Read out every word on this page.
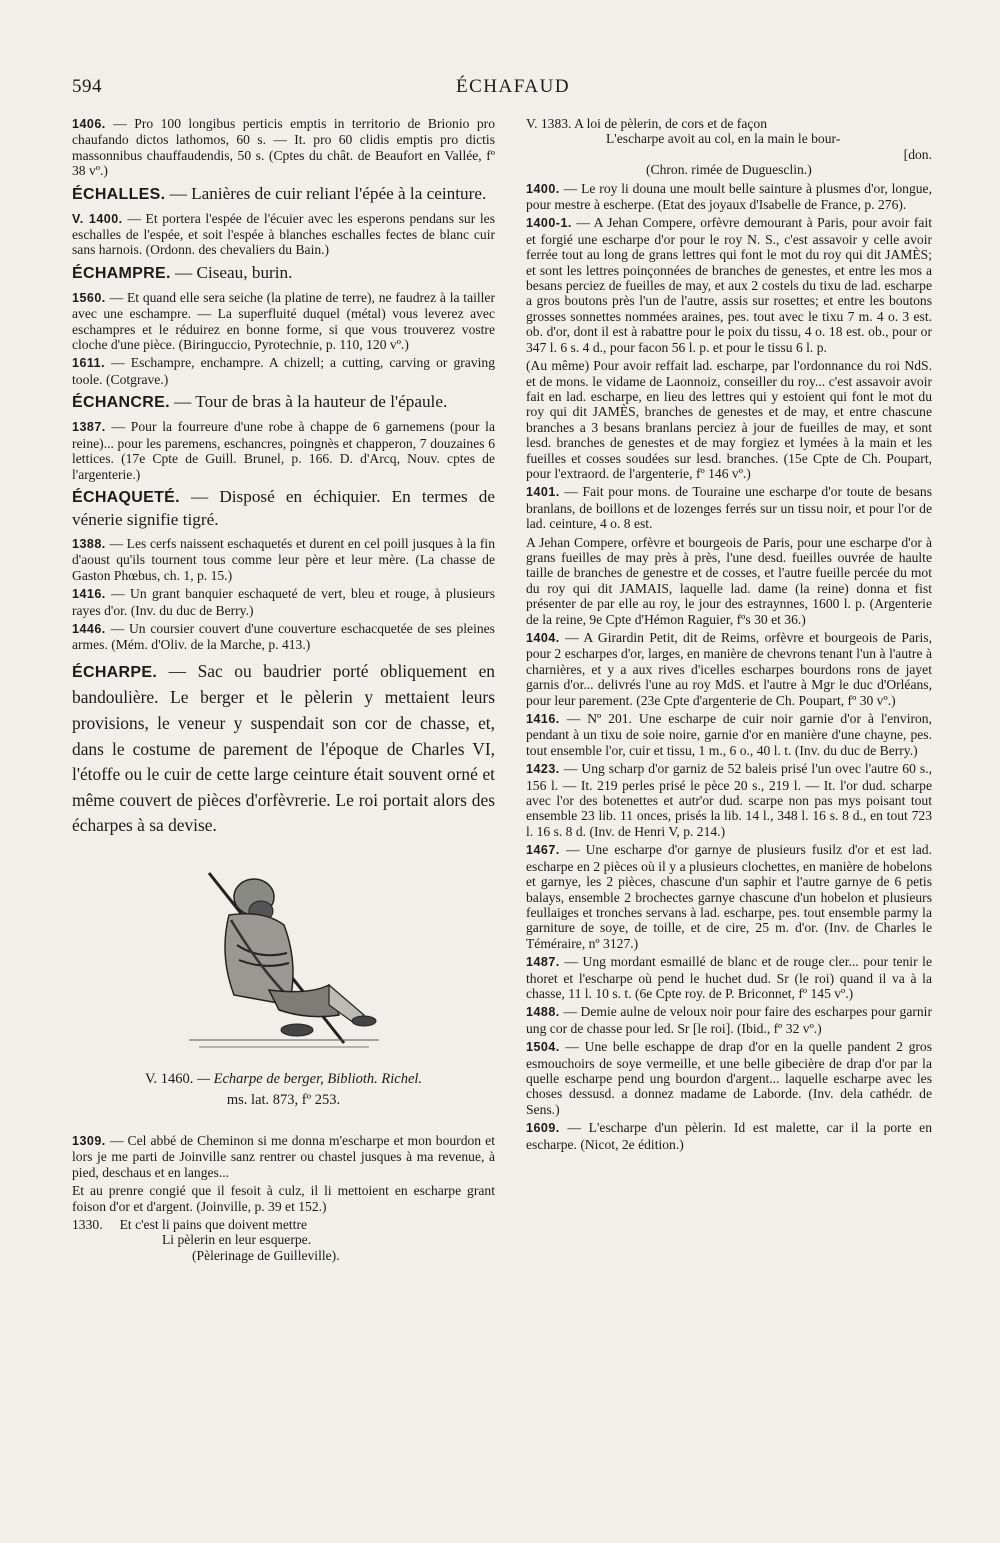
594	ÉCHAFAUD

1406. — Pro 100 longibus perticis emptis in territorio de Brionio pro chaufando dictos lathomos, 60 s. — It. pro 60 clidis emptis pro dictis massonnibus chauffaudendis, 50 s. (Cptes du chât. de Beaufort en Vallée, fº 38 vº.)

ÉCHALLES. — Lanières de cuir reliant l'épée à la ceinture.

V. 1400. — Et portera l'espée de l'écuier avec les esperons pendans sur les eschalles de l'espée, et soit l'espée à blanches eschalles fectes de blanc cuir sans harnois. (Ordonn. des chevaliers du Bain.)

ÉCHAMPRE. — Ciseau, burin.

1560. — Et quand elle sera seiche (la platine de terre), ne faudrez à la tailler avec une eschampre. — La superfluité duquel (métal) vous leverez avec eschampres et le réduirez en bonne forme, si que vous trouverez vostre cloche d'une pièce. (Biringuccio, Pyrotechnie, p. 110, 120 vº.)

1611. — Eschampre, enchampre. A chizell; a cutting, carving or graving toole. (Cotgrave.)

ÉCHANCRE. — Tour de bras à la hauteur de l'épaule.

1387. — Pour la fourreure d'une robe à chappe de 6 garnemens (pour la reine)... pour les paremens, eschancres, poingnès et chapperon, 7 douzaines 6 lettices. (17e Cpte de Guill. Brunel, p. 166. D. d'Arcq, Nouv. cptes de l'argenterie.)

ÉCHAQUETÉ. — Disposé en échiquier. En termes de vénerie signifie tigré.

1388. — Les cerfs naissent eschaquetés et durent en cel poill jusques à la fin d'aoust qu'ils tournent tous comme leur père et leur mère. (La chasse de Gaston Phœbus, ch. 1, p. 15.)

1416. — Un grant banquier eschaqueté de vert, bleu et rouge, à plusieurs rayes d'or. (Inv. du duc de Berry.)

1446. — Un coursier couvert d'une couverture eschacquetée de ses pleines armes. (Mém. d'Oliv. de la Marche, p. 413.)

ÉCHARPE. — Sac ou baudrier porté obliquement en bandoulière. Le berger et le pèlerin y mettaient leurs provisions, le veneur y suspendait son cor de chasse, et, dans le costume de parement de l'époque de Charles VI, l'étoffe ou le cuir de cette large ceinture était souvent orné et même couvert de pièces d'orfèvrerie. Le roi portait alors des écharpes à sa devise.

V. 1460. — Echarpe de berger, Biblioth. Richel.
ms. lat. 873, fº 253.

1309. — Cel abbé de Cheminon si me donna m'escharpe et mon bourdon et lors je me parti de Joinville sanz rentrer ou chastel jusques à ma revenue, à pied, deschaus et en langes...

Et au prenre congié que il fesoit à culz, il li mettoient en escharpe grant foison d'or et d'argent. (Joinville, p. 39 et 152.)

1330. Et c'est li pains que doivent mettre
Li pèlerin en leur esquerpe.
(Pèlerinage de Guilleville).
V. 1383. A loi de pèlerin, de cors et de façon
L'escharpe avoit au col, en la main le bour-
[don.
(Chron. rimée de Duguesclin.)

1400. — Le roy li douna une moult belle sainture à plusmes d'or, longue, pour mestre à escherpe. (Etat des joyaux d'Isabelle de France, p. 276).

1400-1. — A Jehan Compere, orfèvre demourant à Paris, pour avoir fait et forgié une escharpe d'or pour le roy N. S., c'est assavoir y celle avoir ferrée tout au long de grans lettres qui font le mot du roy qui dit JAMÈS; et sont les lettres poinçonnées de branches de genestes, et entre les mos a besans perciez de fueilles de may, et aux 2 costels du tixu de lad. escharpe a gros boutons près l'un de l'autre, assis sur rosettes; et entre les boutons grosses sonnettes nommées araines, pes. tout avec le tixu 7 m. 4 o. 3 est. ob. d'or, dont il est à rabattre pour le poix du tissu, 4 o. 18 est. ob., pour or 347 l. 6 s. 4 d., pour facon 56 l. p. et pour le tissu 6 l. p.

(Au même) Pour avoir reffait lad. escharpe, par l'ordonnance du roi NdS. et de mons. le vidame de Laonnoiz, conseiller du roy... c'est assavoir avoir fait en lad. escharpe, en lieu des lettres qui y estoient qui font le mot du roy qui dit JAMÈS, branches de genestes et de may, et entre chascune branches a 3 besans branlans perciez à jour de fueilles de may, et sont lesd. branches de genestes et de may forgiez et lymées à la main et les fueilles et cosses soudées sur lesd. branches. (15e Cpte de Ch. Poupart, pour l'extraord. de l'argenterie, fº 146 vº.)

1401. — Fait pour mons. de Touraine une escharpe d'or toute de besans branlans, de boillons et de lozenges ferrés sur un tissu noir, et pour l'or de lad. ceinture, 4 o. 8 est.

A Jehan Compere, orfèvre et bourgeois de Paris, pour une escharpe d'or à grans fueilles de may près à près, l'une desd. fueilles ouvrée de haulte taille de branches de genestre et de cosses, et l'autre fueille percée du mot du roy qui dit JAMAIS, laquelle lad. dame (la reine) donna et fist présenter de par elle au roy, le jour des estraynnes, 1600 l. p. (Argenterie de la reine, 9e Cpte d'Hémon Raguier, fºs 30 et 36.)

1404. — A Girardin Petit, dit de Reims, orfèvre et bourgeois de Paris, pour 2 escharpes d'or, larges, en manière de chevrons tenant l'un à l'autre à charnières, et y a aux rives d'icelles escharpes bourdons rons de jayet garnis d'or... delivrés l'une au roy MdS. et l'autre à Mgr le duc d'Orléans, pour leur parement. (23e Cpte d'argenterie de Ch. Poupart, fº 30 vº.)

1416. — Nº 201. Une escharpe de cuir noir garnie d'or à l'environ, pendant à un tixu de soie noire, garnie d'or en manière d'une chayne, pes. tout ensemble l'or, cuir et tissu, 1 m., 6 o., 40 l. t. (Inv. du duc de Berry.)

1423. — Ung scharp d'or garniz de 52 baleis prisé l'un ovec l'autre 60 s., 156 l. — It. 219 perles prisé le pèce 20 s., 219 l. — It. l'or dud. scharpe avec l'or des botenettes et autr'or dud. scarpe non pas mys poisant tout ensemble 23 lib. 11 onces, prisés la lib. 14 l., 348 l. 16 s. 8 d., en tout 723 l. 16 s. 8 d. (Inv. de Henri V, p. 214.)

1467. — Une escharpe d'or garnye de plusieurs fusilz d'or et est lad. escharpe en 2 pièces où il y a plusieurs clochettes, en manière de hobelons et garnye, les 2 pièces, chascune d'un saphir et l'autre garnye de 6 petis balays, ensemble 2 brochectes garnye chascune d'un hobelon et plusieurs feullaiges et tronches servans à lad. escharpe, pes. tout ensemble parmy la garniture de soye, de toille, et de cire, 25 m. d'or. (Inv. de Charles le Téméraire, nº 3127.)

1487. — Ung mordant esmaillé de blanc et de rouge cler... pour tenir le thoret et l'escharpe où pend le huchet dud. Sr (le roi) quand il va à la chasse, 11 l. 10 s. t. (6e Cpte roy. de P. Briconnet, fº 145 vº.)

1488. — Demie aulne de veloux noir pour faire des escharpes pour garnir ung cor de chasse pour led. Sr [le roi]. (Ibid., fº 32 vº.)

1504. — Une belle eschappe de drap d'or en la quelle pandent 2 gros esmouchoirs de soye vermeille, et une belle gibecière de drap d'or par la quelle escharpe pend ung bourdon d'argent... laquelle escharpe avec les choses dessusd. a donnez madame de Laborde. (Inv. dela cathédr. de Sens.)

1609. — L'escharpe d'un pèlerin. Id est malette, car il la porte en escharpe. (Nicot, 2e édition.)
